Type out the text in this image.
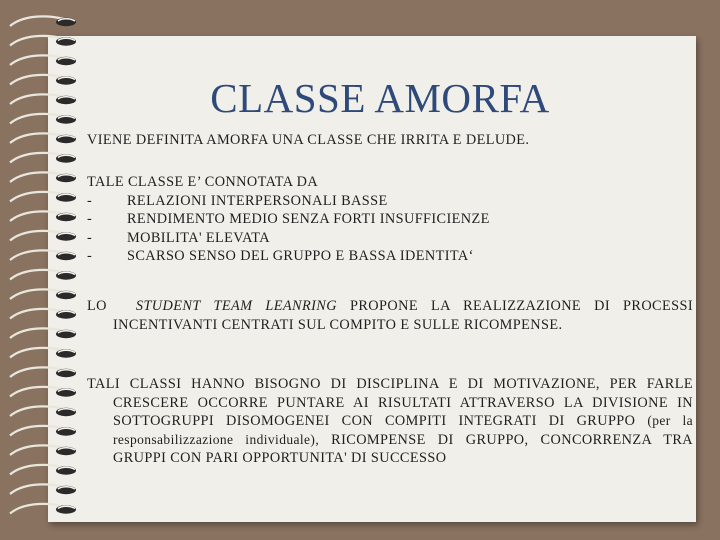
CLASSE AMORFA
VIENE DEFINITA AMORFA UNA CLASSE CHE IRRITA E DELUDE.
TALE CLASSE E’ CONNOTATA DA
-	RELAZIONI INTERPERSONALI BASSE
-	RENDIMENTO MEDIO SENZA FORTI INSUFFICIENZE
-	MOBILITA' ELEVATA
-	SCARSO SENSO DEL GRUPPO E BASSA IDENTITA‘
LO STUDENT TEAM LEANRING PROPONE LA REALIZZAZIONE DI PROCESSI INCENTIVANTI CENTRATI SUL COMPITO E SULLE RICOMPENSE.
TALI CLASSI HANNO BISOGNO DI DISCIPLINA E DI MOTIVAZIONE, PER FARLE CRESCERE OCCORRE PUNTARE AI RISULTATI ATTRAVERSO LA DIVISIONE IN SOTTOGRUPPI DISOMOGENEI CON COMPITI INTEGRATI DI GRUPPO (per la responsabilizzazione individuale), RICOMPENSE DI GRUPPO, CONCORRENZA TRA GRUPPI CON PARI OPPORTUNITA' DI SUCCESSO
